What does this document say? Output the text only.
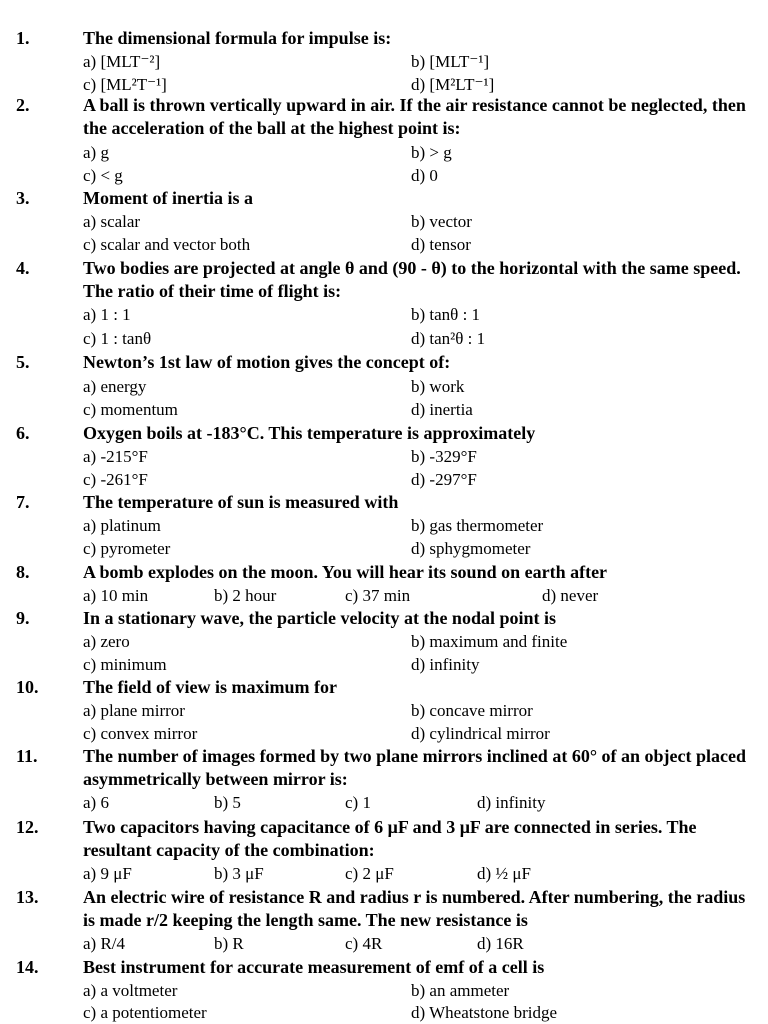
1.	The dimensional formula for impulse is:
a) [MLT⁻²]	b) [MLT⁻¹]
c) [ML²T⁻¹]	d) [M²LT⁻¹]
2.	A ball is thrown vertically upward in air. If the air resistance cannot be neglected, then the acceleration of the ball at the highest point is:
a) g	b) > g
c) < g	d) 0
3.	Moment of inertia is a
a) scalar	b) vector
c) scalar and vector both	d) tensor
4.	Two bodies are projected at angle θ and (90 - θ) to the horizontal with the same speed. The ratio of their time of flight is:
a) 1 : 1	b) tanθ : 1
c) 1 : tanθ	d) tan²θ : 1
5.	Newton’s 1st law of motion gives the concept of:
a) energy	b) work
c) momentum	d) inertia
6.	Oxygen boils at -183°C. This temperature is approximately
a) -215°F	b) -329°F
c) -261°F	d) -297°F
7.	The temperature of sun is measured with
a) platinum	b) gas thermometer
c) pyrometer	d) sphygmometer
8.	A bomb explodes on the moon. You will hear its sound on earth after
a) 10 min	b) 2 hour	c) 37 min	d) never
9.	In a stationary wave, the particle velocity at the nodal point is
a) zero	b) maximum and finite
c) minimum	d) infinity
10. The field of view is maximum for
a) plane mirror	b) concave mirror
c) convex mirror	d) cylindrical mirror
11.	The number of images formed by two plane mirrors inclined at 60° of an object placed asymmetrically between mirror is:
a) 6	b) 5	c) 1	d) infinity
12. Two capacitors having capacitance of 6 μF and 3 μF are connected in series. The resultant capacity of the combination:
a) 9 μF	b) 3 μF	c) 2 μF	d) ½ μF
13. An electric wire of resistance R and radius r is numbered. After numbering, the radius is made r/2 keeping the length same. The new resistance is
a) R/4	b) R	c) 4R	d) 16R
14. Best instrument for accurate measurement of emf of a cell is
a) a voltmeter	b) an ammeter
c) a potentiometer	d) Wheatstone bridge
